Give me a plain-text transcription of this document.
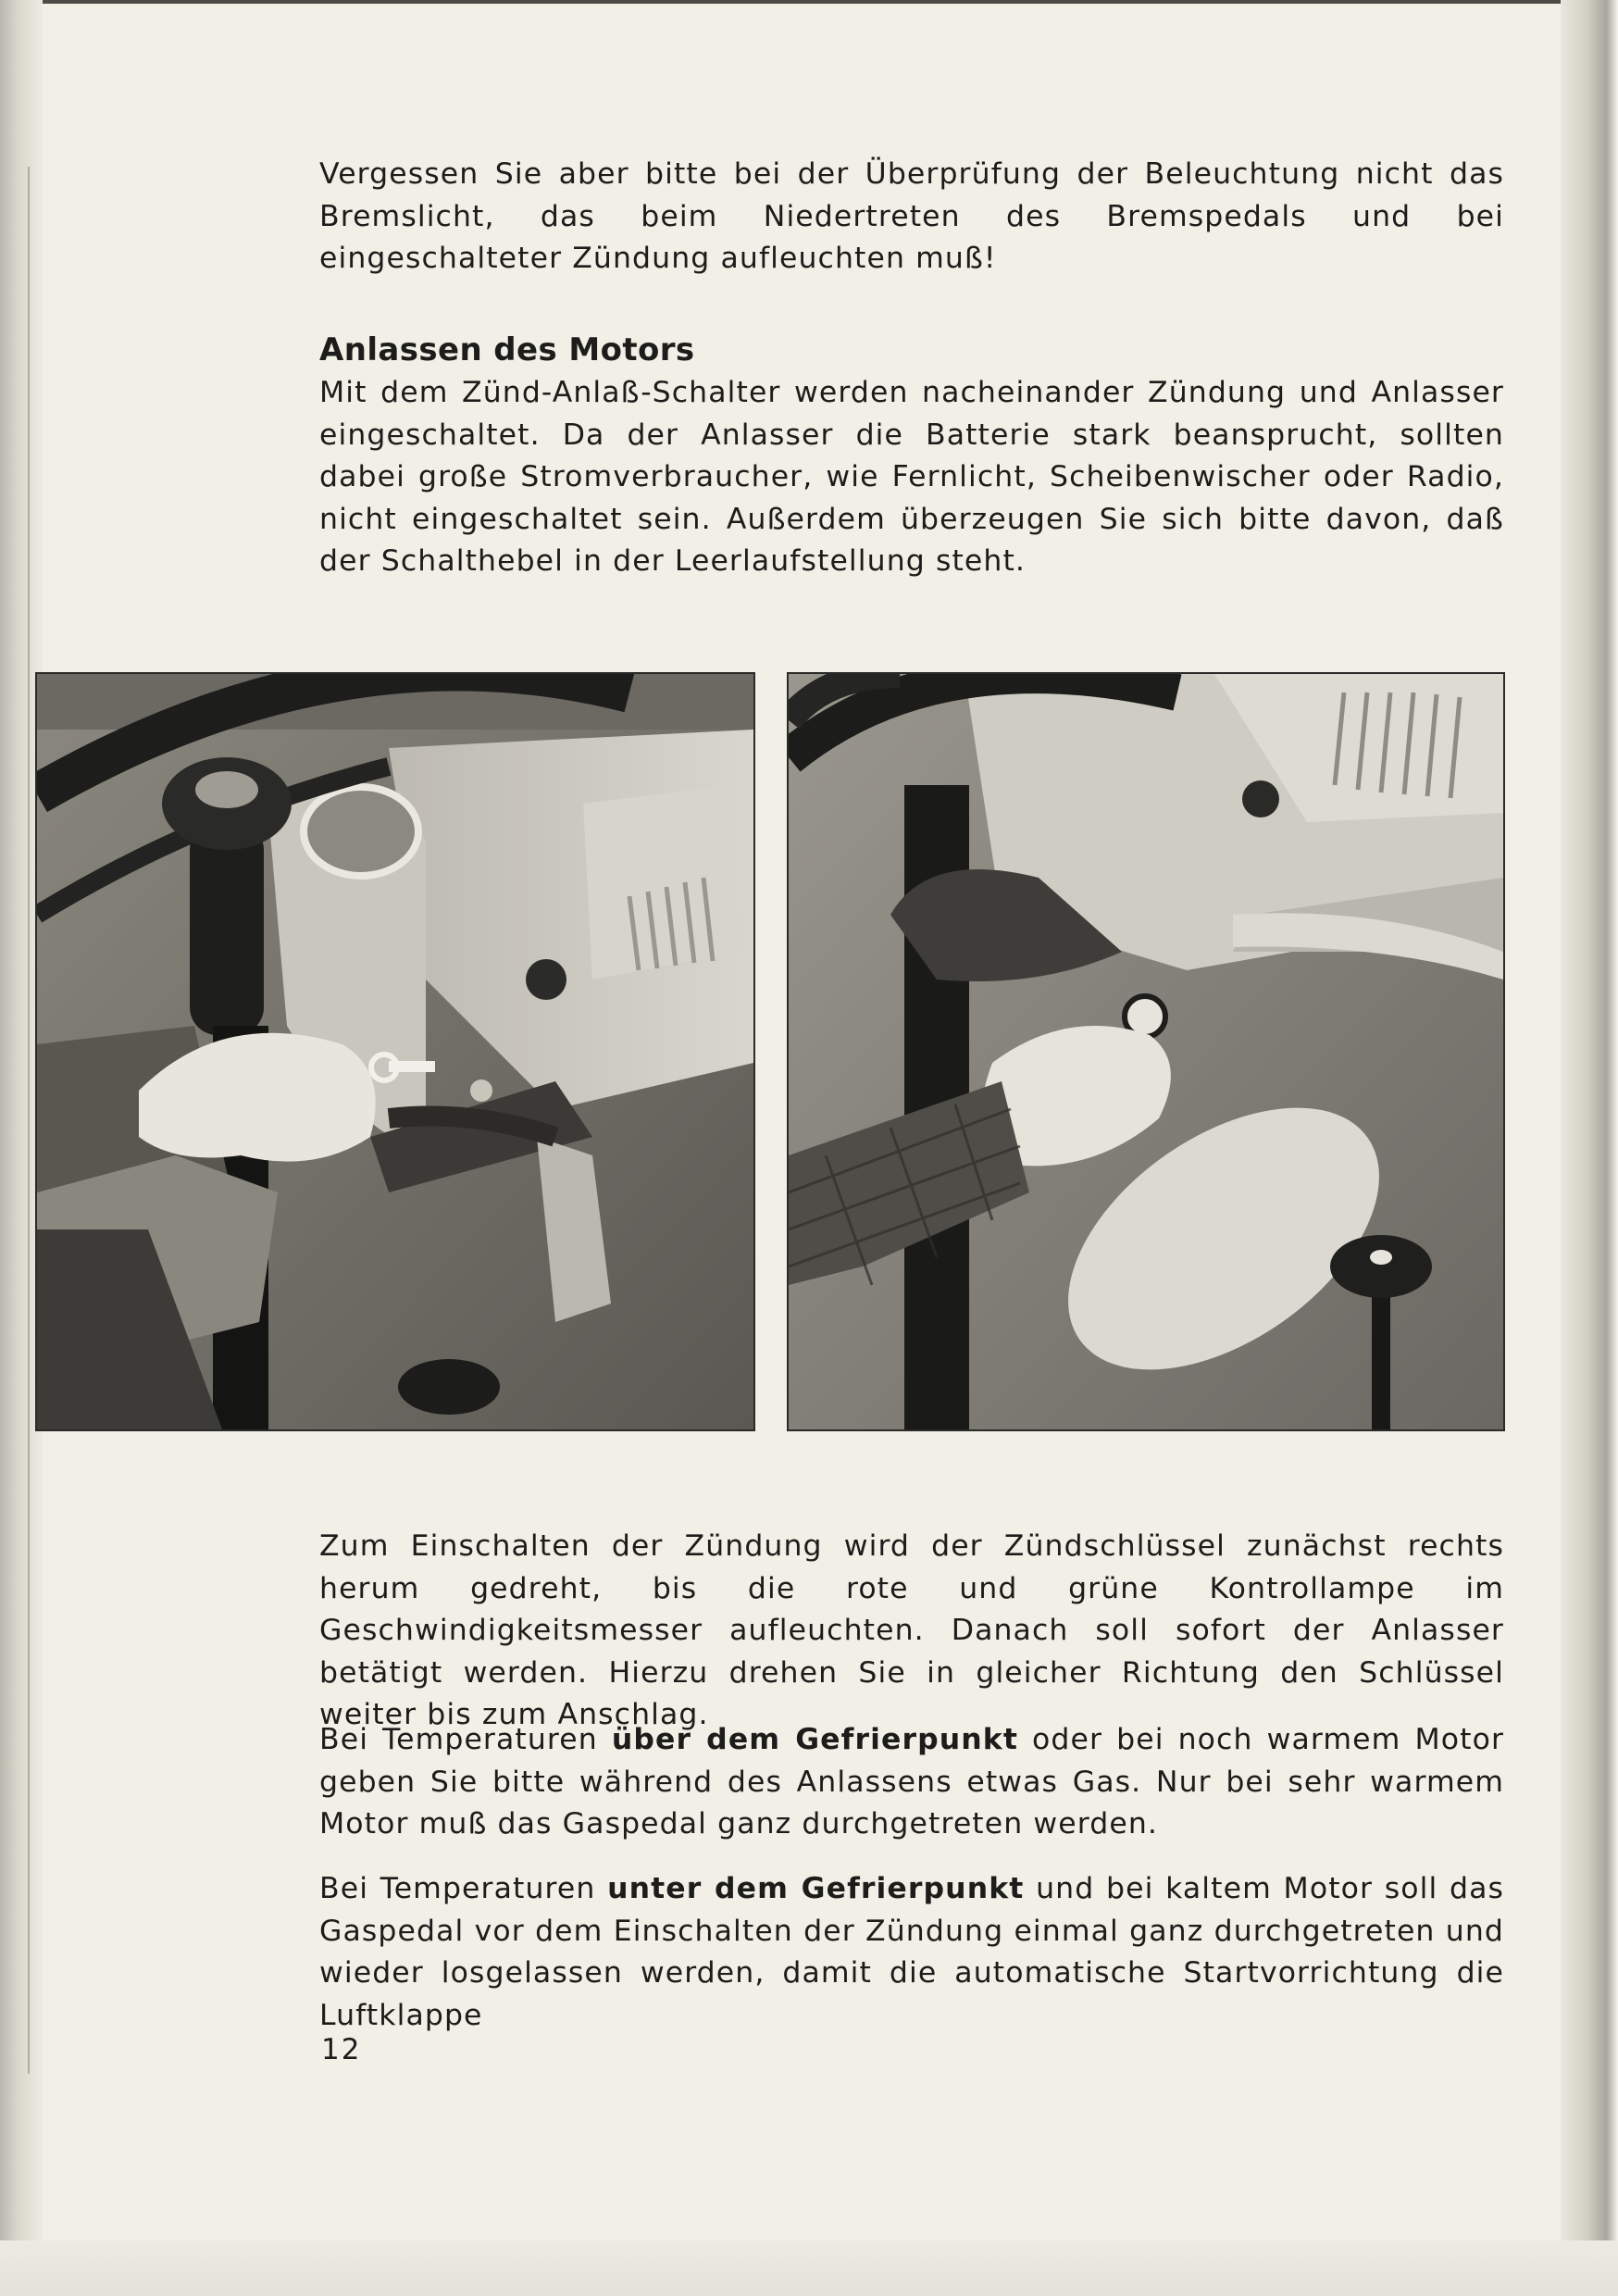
Vergessen Sie aber bitte bei der Überprüfung der Beleuchtung nicht das Bremslicht, das beim Niedertreten des Bremspedals und bei eingeschalteter Zündung aufleuchten muß!

Anlassen des Motors

Mit dem Zünd-Anlaß-Schalter werden nacheinander Zündung und Anlasser eingeschaltet. Da der Anlasser die Batterie stark beansprucht, sollten dabei große Stromverbraucher, wie Fernlicht, Scheibenwischer oder Radio, nicht eingeschaltet sein. Außerdem überzeugen Sie sich bitte davon, daß der Schalthebel in der Leerlaufstellung steht.

Zum Einschalten der Zündung wird der Zündschlüssel zunächst rechts herum gedreht, bis die rote und grüne Kontrollampe im Geschwindigkeitsmesser aufleuchten. Danach soll sofort der Anlasser betätigt werden. Hierzu drehen Sie in gleicher Richtung den Schlüssel weiter bis zum Anschlag.

Bei Temperaturen über dem Gefrierpunkt oder bei noch warmem Motor geben Sie bitte während des Anlassens etwas Gas. Nur bei sehr warmem Motor muß das Gaspedal ganz durchgetreten werden.

Bei Temperaturen unter dem Gefrierpunkt und bei kaltem Motor soll das Gaspedal vor dem Einschalten der Zündung einmal ganz durchgetreten und wieder losgelassen werden, damit die automatische Startvorrichtung die Luftklappe

12
